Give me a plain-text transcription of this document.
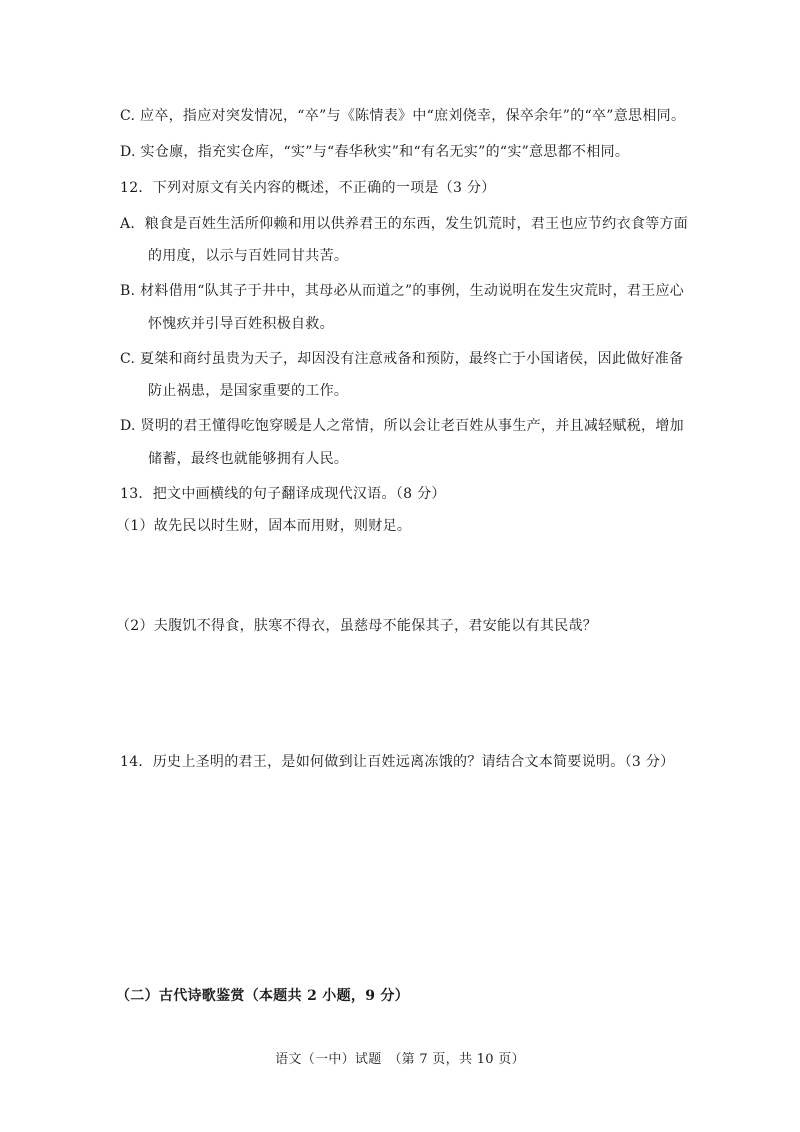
C. 应卒，指应对突发情况，“卒”与《陈情表》中“庶刘侥幸，保卒余年”的“卒”意思相同。
D. 实仓廪，指充实仓库，“实”与“春华秋实”和“有名无实”的“实”意思都不相同。
12．下列对原文有关内容的概述，不正确的一项是（3 分）
A．粮食是百姓生活所仰赖和用以供养君王的东西，发生饥荒时，君王也应节约衣食等方面
的用度，以示与百姓同甘共苦。
B. 材料借用“队其子于井中，其母必从而道之”的事例，生动说明在发生灾荒时，君王应心
怀愧疚并引导百姓积极自救。
C. 夏桀和商纣虽贵为天子，却因没有注意戒备和预防，最终亡于小国诸侯，因此做好准备
防止祸患，是国家重要的工作。
D. 贤明的君王懂得吃饱穿暖是人之常情，所以会让老百姓从事生产，并且减轻赋税，增加
储蓄，最终也就能够拥有人民。
13．把文中画横线的句子翻译成现代汉语。（8 分）
（1）故先民以时生财，固本而用财，则财足。
（2）夫腹饥不得食，肤寒不得衣，虽慈母不能保其子，君安能以有其民哉？
14．历史上圣明的君王，是如何做到让百姓远离冻饿的？请结合文本简要说明。（3 分）
（二）古代诗歌鉴赏（本题共 2 小题，9 分）
语文（一中）试题　（第 7 页，共 10 页）
